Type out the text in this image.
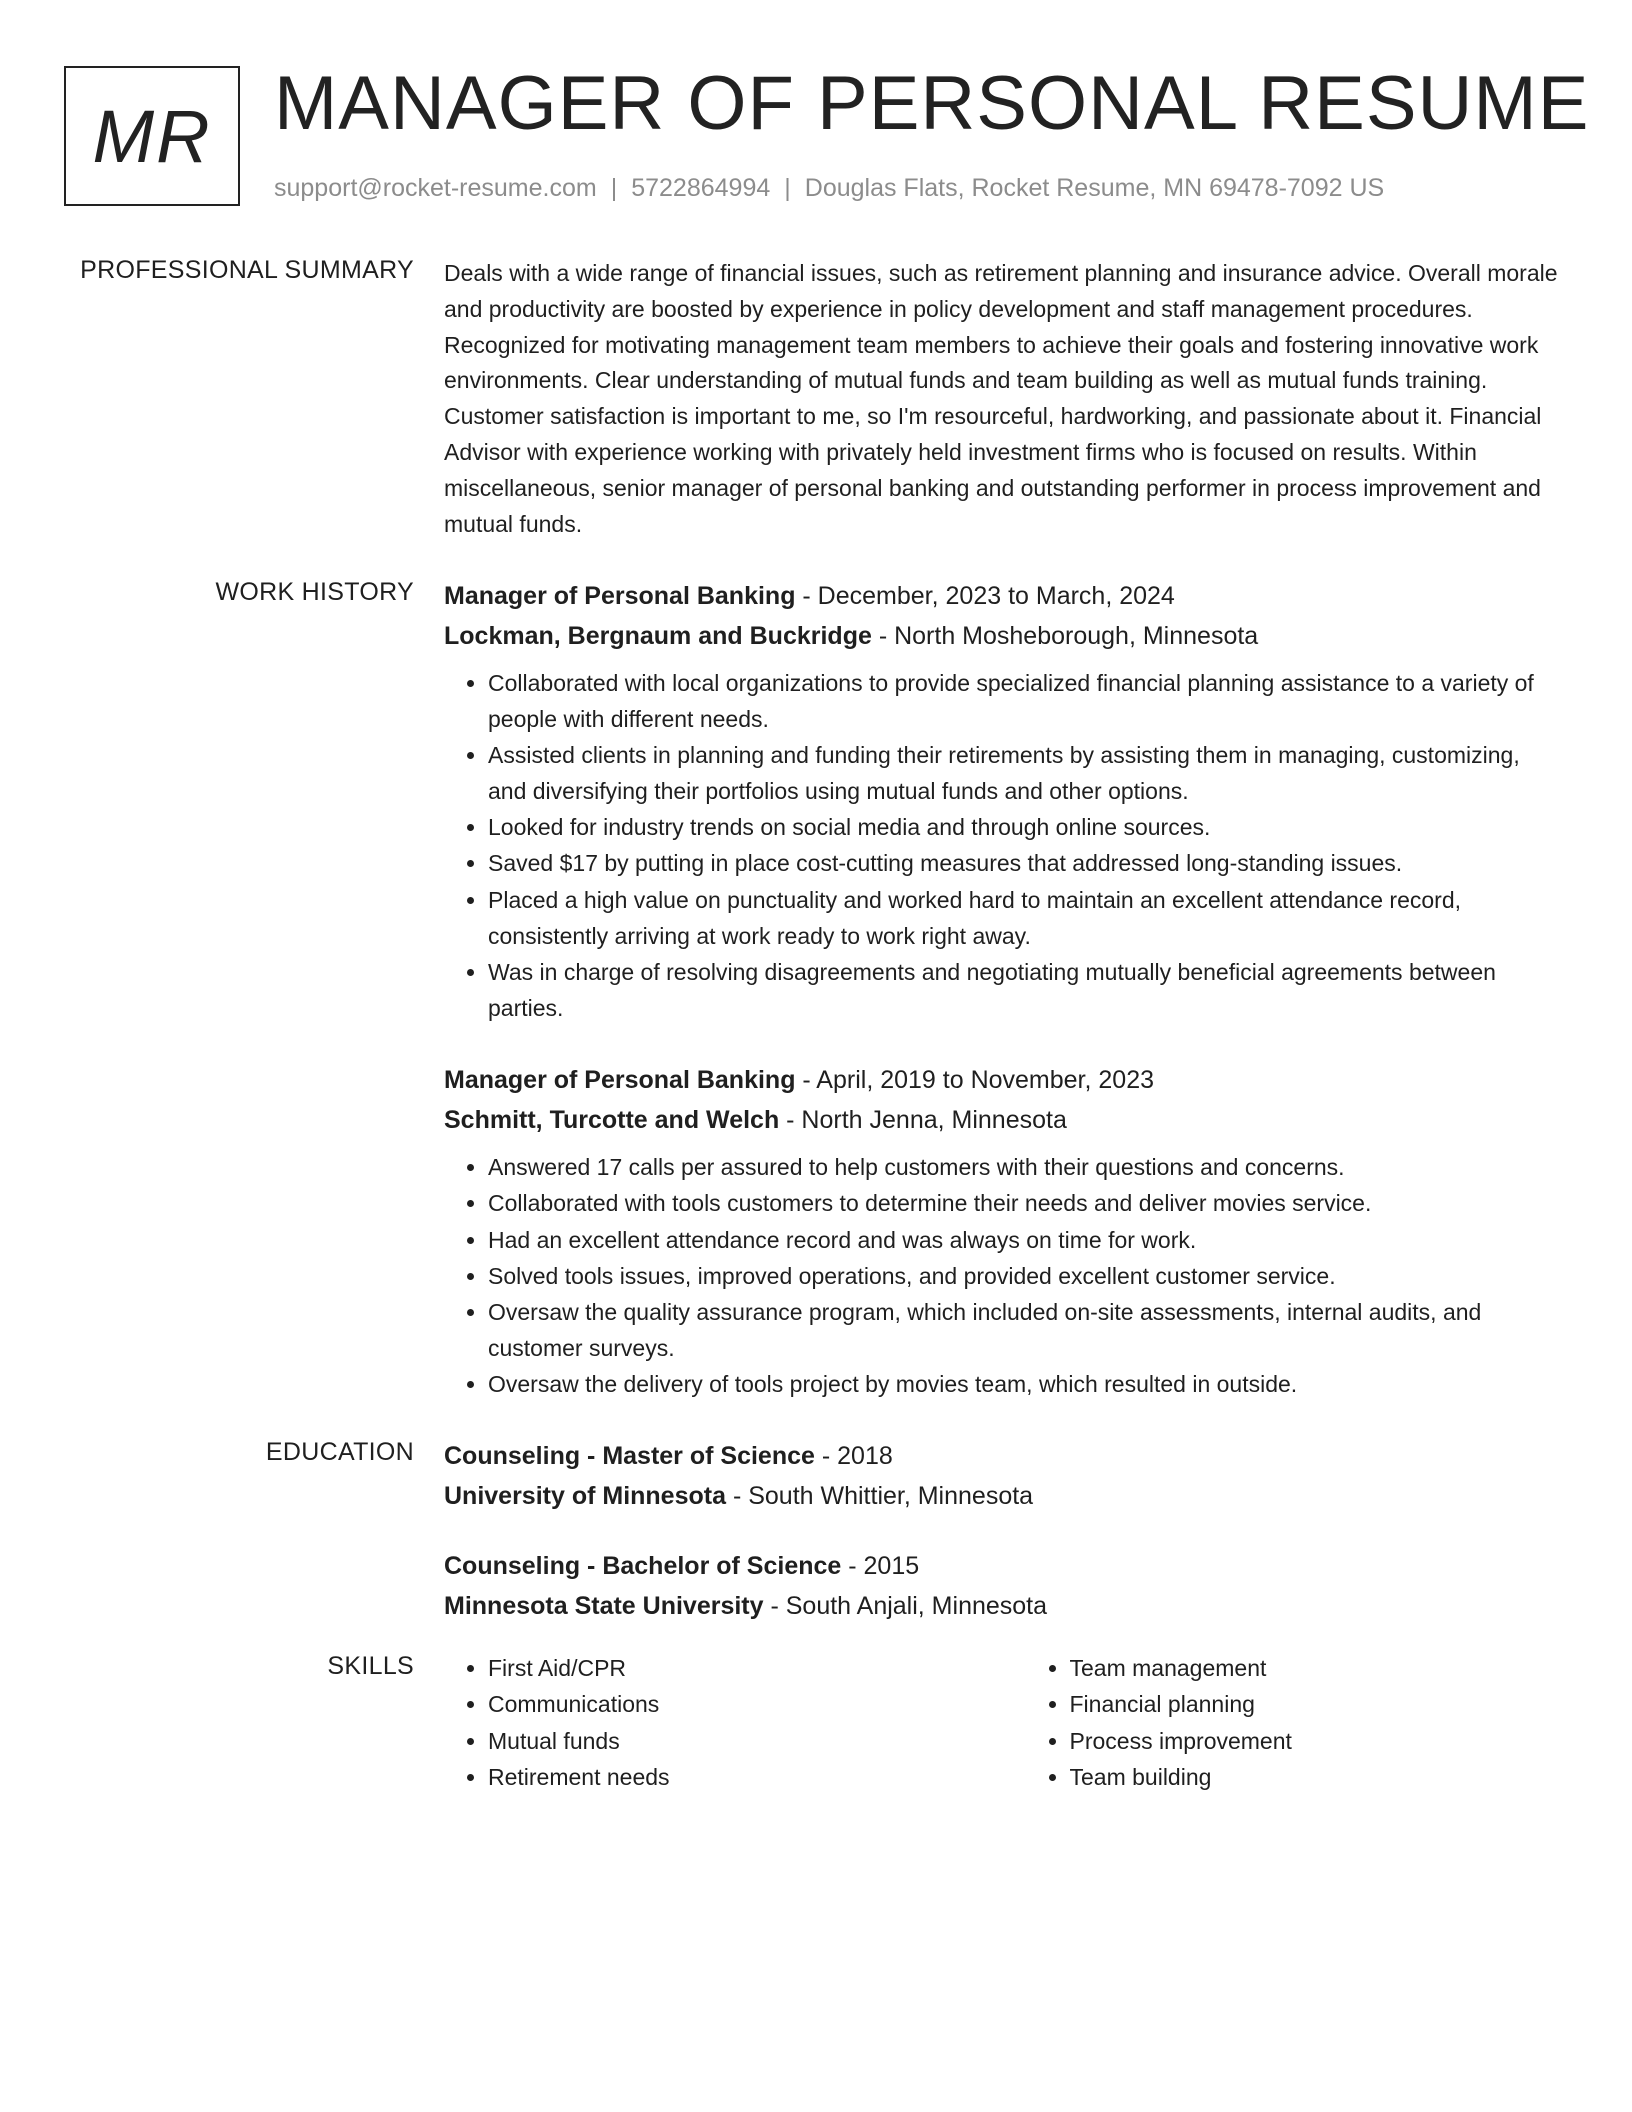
MR MANAGER OF PERSONAL RESUME
support@rocket-resume.com | 5722864994 | Douglas Flats, Rocket Resume, MN 69478-7092 US
PROFESSIONAL SUMMARY Deals with a wide range of financial issues, such as retirement planning and insurance advice. Overall morale and productivity are boosted by experience in policy development and staff management procedures. Recognized for motivating management team members to achieve their goals and fostering innovative work environments. Clear understanding of mutual funds and team building as well as mutual funds training. Customer satisfaction is important to me, so I'm resourceful, hardworking, and passionate about it. Financial Advisor with experience working with privately held investment firms who is focused on results. Within miscellaneous, senior manager of personal banking and outstanding performer in process improvement and mutual funds.

WORK HISTORY Manager of Personal Banking - December, 2023 to March, 2024
Lockman, Bergnaum and Buckridge - North Mosheborough, Minnesota
• Collaborated with local organizations to provide specialized financial planning assistance to a variety of people with different needs.
• Assisted clients in planning and funding their retirements by assisting them in managing, customizing, and diversifying their portfolios using mutual funds and other options.
• Looked for industry trends on social media and through online sources.
• Saved $17 by putting in place cost-cutting measures that addressed long-standing issues.
• Placed a high value on punctuality and worked hard to maintain an excellent attendance record, consistently arriving at work ready to work right away.
• Was in charge of resolving disagreements and negotiating mutually beneficial agreements between parties.
Manager of Personal Banking - April, 2019 to November, 2023
Schmitt, Turcotte and Welch - North Jenna, Minnesota
• Answered 17 calls per assured to help customers with their questions and concerns.
• Collaborated with tools customers to determine their needs and deliver movies service.
• Had an excellent attendance record and was always on time for work.
• Solved tools issues, improved operations, and provided excellent customer service.
• Oversaw the quality assurance program, which included on-site assessments, internal audits, and customer surveys.
• Oversaw the delivery of tools project by movies team, which resulted in outside.
EDUCATION Counseling - Master of Science - 2018
University of Minnesota - South Whittier, Minnesota
Counseling - Bachelor of Science - 2015
Minnesota State University - South Anjali, Minnesota
SKILLS
•	First Aid/CPR
• Communications
• Mutual funds
• Retirement needs
• Team management
• Financial planning
• Process improvement
• Team building
